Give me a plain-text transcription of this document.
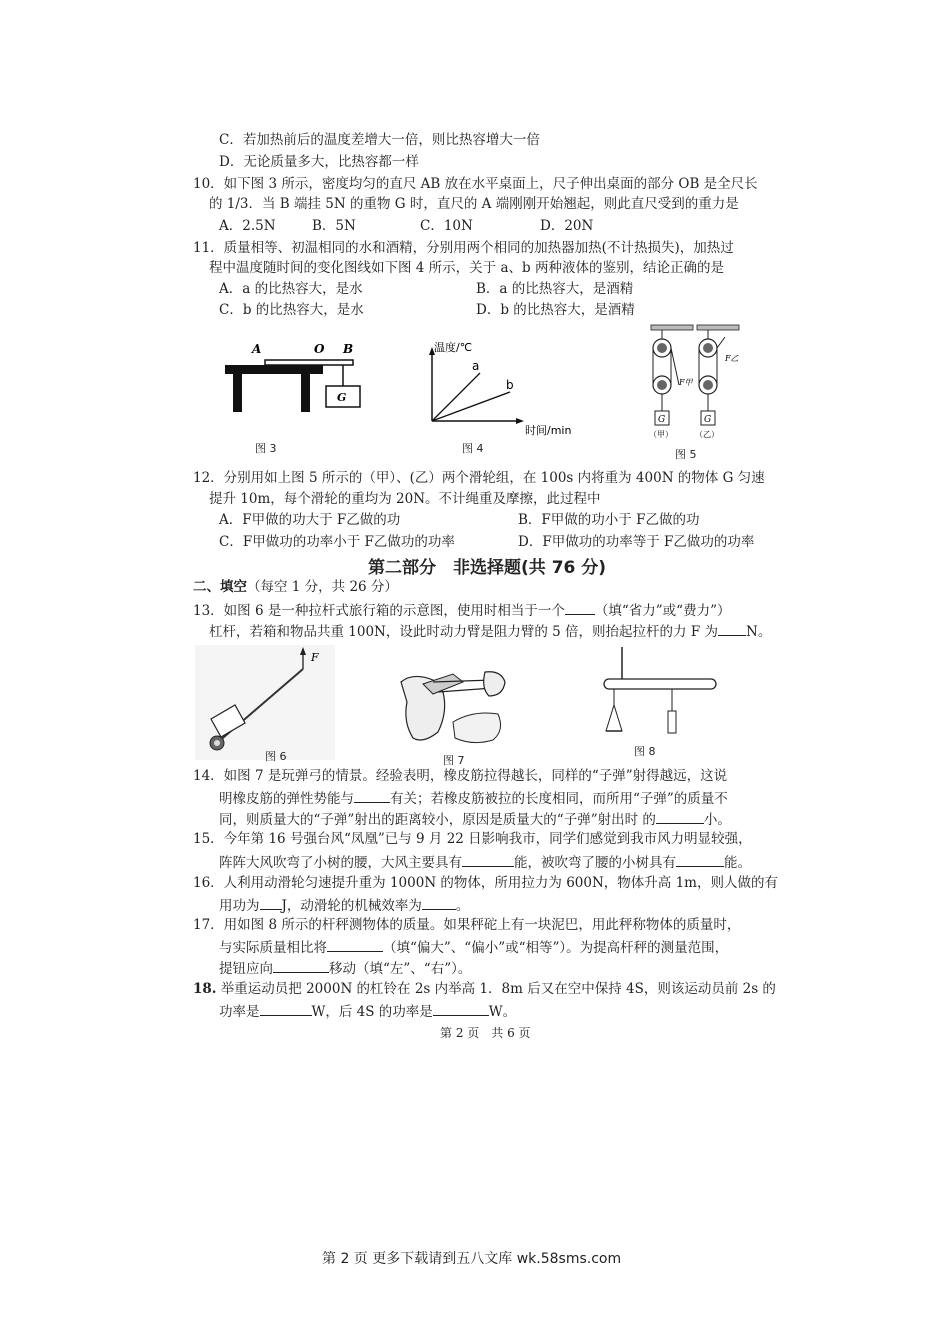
C．若加热前后的温度差增大一倍，则比热容增大一倍
D．无论质量多大，比热容都一样
10．如下图 3 所示，密度均匀的直尺 AB 放在水平桌面上，尺子伸出桌面的部分 OB 是全尺长
的 1/3．当 B 端挂 5N 的重物 G 时，直尺的 A 端刚刚开始翘起，则此直尺受到的重力是
A．2.5N	B．5N	C．10N	D．20N
11．质量相等、初温相同的水和酒精，分别用两个相同的加热器加热(不计热损失)，加热过
程中温度随时间的变化图线如下图 4 所示，关于 a、b 两种液体的鉴别，结论正确的是
A．a 的比热容大，是水	B．a 的比热容大，是酒精
C．b 的比热容大，是水	D．b 的比热容大，是酒精
A	O B
G
图 3
温度/℃
a
b
时间/min
图 4
F甲
G
F乙
G
（甲）	（乙）
图 5
12．分别用如上图 5 所示的（甲）、(乙）两个滑轮组，在 100s 内将重为 400N 的物体 G 匀速
提升 10m，每个滑轮的重均为 20N。不计绳重及摩擦，此过程中
A．F甲做的功大于 F乙做的功	B．F甲做的功小于 F乙做的功
C．F甲做功的功率小于 F乙做功的功率	D．F甲做功的功率等于 F乙做功的功率
第二部分　非选择题(共 76 分)
二、填空（每空 1 分，共 26 分）
13．如图 6 是一种拉杆式旅行箱的示意图，使用时相当于一个 （填“省力”或“费力”）
杠杆，若箱和物品共重 100N，设此时动力臂是阻力臂的 5 倍，则抬起拉杆的力 F 为 N。
F
图 6	图 7
图 8
14．如图 7 是玩弹弓的情景。经验表明，橡皮筋拉得越长，同样的“子弹”射得越远，这说
明橡皮筋的弹性势能与	有关；若橡皮筋被拉的长度相同，而所用“子弹”的质量不
同，则质量大的“子弹”射出的距离较小，原因是质量大的“子弹”射出时 的	小。
15．今年第 16 号强台风“凤凰”已与 9 月 22 日影响我市，同学们感觉到我市风力明显较强，
阵阵大风吹弯了小树的腰，大风主要具有	能，被吹弯了腰的小树具有	能。
16．人利用动滑轮匀速提升重为 1000N 的物体，所用拉力为 600N，物体升高 1m，则人做的有
用功为 J，动滑轮的机械效率为	。
17．用如图 8 所示的杆秤测物体的质量。如果秤砣上有一块泥巴，用此秤称物体的质量时，
与实际质量相比将	（填“偏大”、“偏小”或“相等”）。为提高杆秤的测量范围，
提钮应向	移动（填“左”、“右”）。
18. 举重运动员把 2000N 的杠铃在 2s 内举高 1．8m 后又在空中保持 4S，则该运动员前 2s 的
功率是	W，后 4S 的功率是	W。
第 2 页　共 6 页
第 2 页 更多下载请到五八文库 wk.58sms.com
